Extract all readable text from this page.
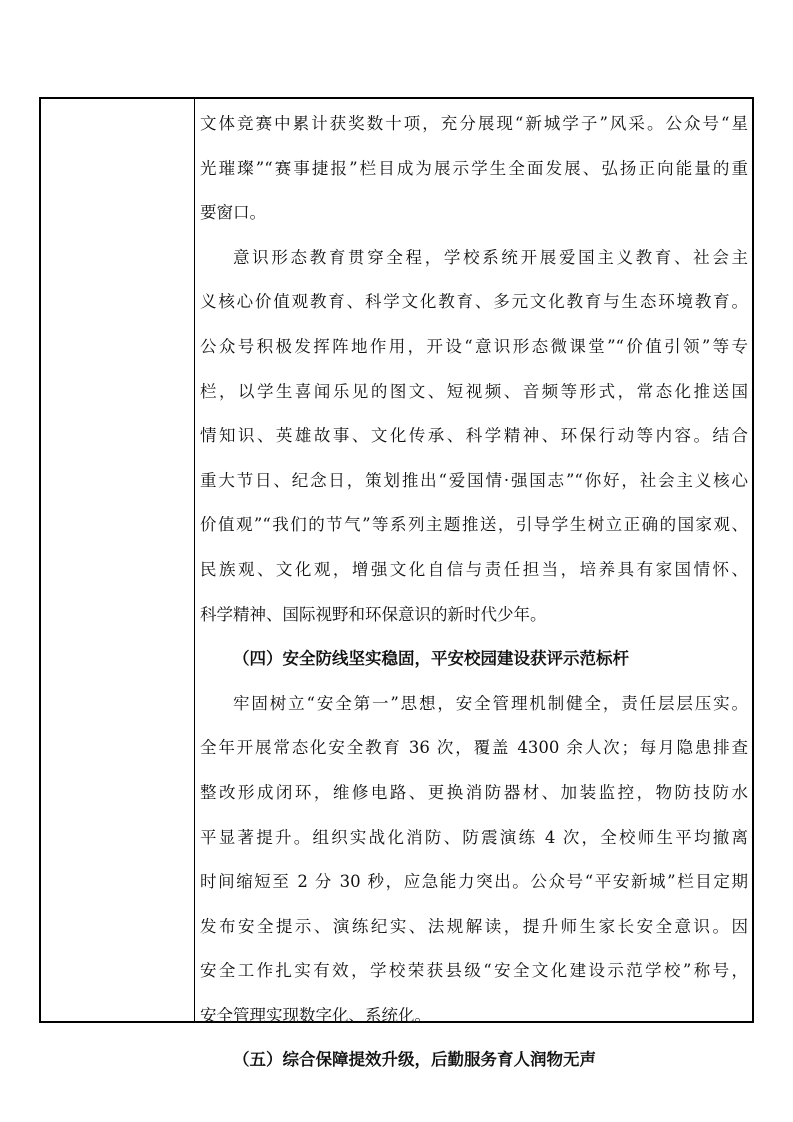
文体竞赛中累计获奖数十项，充分展现“新城学子”风采。公众号“星
光璀璨”“赛事捷报”栏目成为展示学生全面发展、弘扬正向能量的重
要窗口。
意识形态教育贯穿全程，学校系统开展爱国主义教育、社会主
义核心价值观教育、科学文化教育、多元文化教育与生态环境教育。
公众号积极发挥阵地作用，开设“意识形态微课堂”“价值引领”等专
栏，以学生喜闻乐见的图文、短视频、音频等形式，常态化推送国
情知识、英雄故事、文化传承、科学精神、环保行动等内容。结合
重大节日、纪念日，策划推出“爱国情·强国志”“你好，社会主义核心
价值观”“我们的节气”等系列主题推送，引导学生树立正确的国家观、
民族观、文化观，增强文化自信与责任担当，培养具有家国情怀、
科学精神、国际视野和环保意识的新时代少年。
（四）安全防线坚实稳固，平安校园建设获评示范标杆
牢固树立“安全第一”思想，安全管理机制健全，责任层层压实。
全年开展常态化安全教育 36 次，覆盖 4300 余人次；每月隐患排查
整改形成闭环，维修电路、更换消防器材、加装监控，物防技防水
平显著提升。组织实战化消防、防震演练 4 次，全校师生平均撤离
时间缩短至 2 分 30 秒，应急能力突出。公众号“平安新城”栏目定期
发布安全提示、演练纪实、法规解读，提升师生家长安全意识。因
安全工作扎实有效，学校荣获县级“安全文化建设示范学校”称号，
安全管理实现数字化、系统化。
（五）综合保障提效升级，后勤服务育人润物无声
